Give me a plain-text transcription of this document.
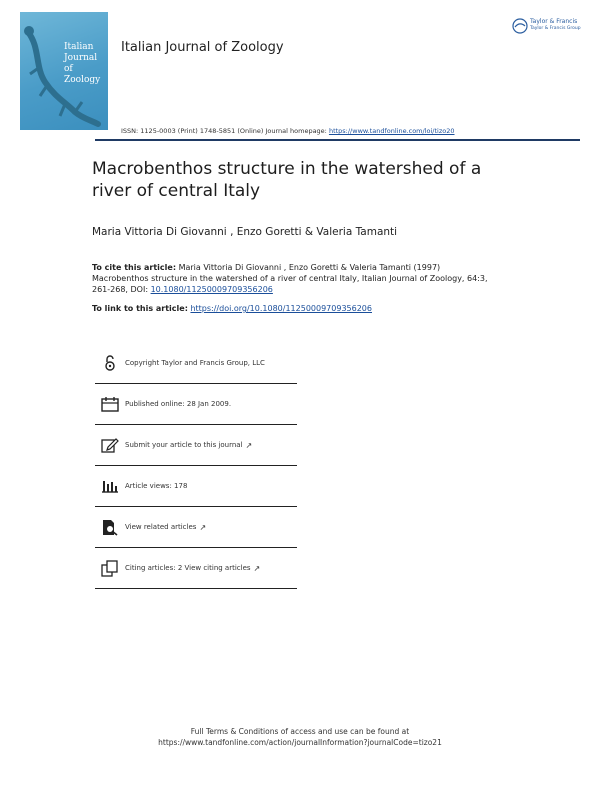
Italian
Journal of
Zoology
Italian Journal of Zoology
Taylor & Francis
Taylor & Francis Group
ISSN: 1125-0003 (Print) 1748-5851 (Online) Journal homepage: https://www.tandfonline.com/loi/tizo20
Macrobenthos structure in the watershed of a river of central Italy
Maria Vittoria Di Giovanni , Enzo Goretti & Valeria Tamanti
To cite this article: Maria Vittoria Di Giovanni , Enzo Goretti & Valeria Tamanti (1997) Macrobenthos structure in the watershed of a river of central Italy, Italian Journal of Zoology, 64:3, 261-268, DOI: 10.1080/11250009709356206
To link to this article: https://doi.org/10.1080/11250009709356206
Copyright Taylor and Francis Group, LLC
Published online: 28 Jan 2009.
Submit your article to this journal ↗
Article views: 178
View related articles ↗
Citing articles: 2 View citing articles ↗
Full Terms & Conditions of access and use can be found at
https://www.tandfonline.com/action/journalInformation?journalCode=tizo21
